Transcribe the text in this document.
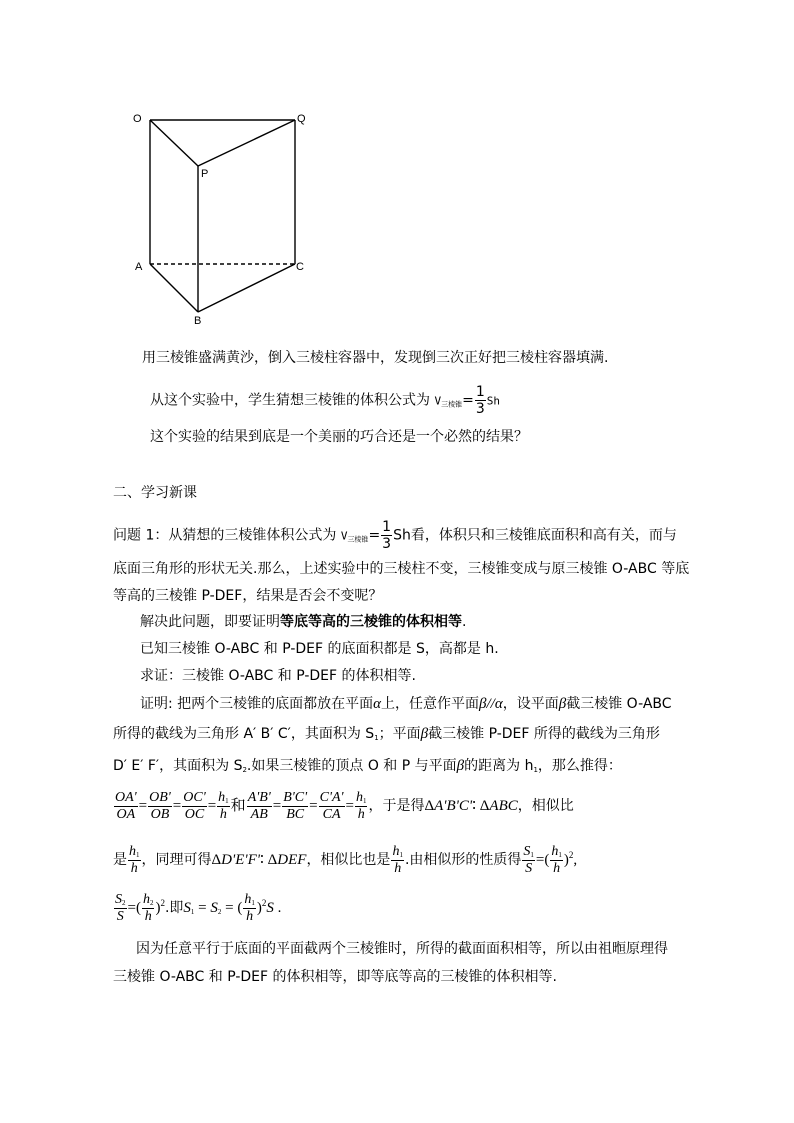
O	Q
P
A	C
B
用三棱锥盛满黄沙，倒入三棱柱容器中，发现倒三次正好把三棱柱容器填满.
从这个实验中，学生猜想三棱锥的体积公式为 $V_{三棱锥}= \frac{1}{3}$ Sh
这个实验的结果到底是一个美丽的巧合还是一个必然的结果？
二、学习新课
问题 1：从猜想的三棱锥体积公式为 $V_{三棱锥}= \frac{1}{3}$ Sh看，体积只和三棱锥底面积和高有关，而与
底面三角形的形状无关.那么，上述实验中的三棱柱不变，三棱锥变成与原三棱锥 O-ABC 等底
等高的三棱锥 P-DEF，结果是否会不变呢？
解决此问题，即要证明等底等高的三棱锥的体积相等.
已知三棱锥 O-ABC 和 P-DEF 的底面积都是 S，高都是 h.
求证：三棱锥 O-ABC 和 P-DEF 的体积相等.
证明: 把两个三棱锥的底面都放在平面α上，任意作平面β//α，设平面β截三棱锥 O-ABC
所得的截线为三角形 A′ B′ C′，其面积为 $S_1$；平面β截三棱锥 P-DEF 所得的截线为三角形
D′ E′ F′，其面积为 $S_2$.如果三棱锥的顶点 O 和 P 与平面β的距离为 $h_1$，那么推得：
$\frac{OA'}{OA} = \frac{OB'}{OB} = \frac{OC'}{OC} = \frac{h_1}{h}$ 和 $\frac{A'B'}{AB} = \frac{B'C'}{BC} = \frac{C'A'}{CA} = \frac{h_1}{h}$ ，于是得ΔA'B'C'∶ ΔABC，相似比
是 $\frac{h_1}{h}$ ，同理可得ΔD'E'F'∶ ΔDEF，相似比也是 $\frac{h_1}{h}$ .由相似形的性质得 $\frac{S_1}{S}$ =( $\frac{h_1}{h} )^2$,
$\frac{S_2}{S}$ =( $\frac{h_2}{h} )^2$.即$S_1 = S_2$ = ( $\frac{h_1}{h} )^2S$ .
因为任意平行于底面的平面截两个三棱锥时，所得的截面面积相等，所以由祖暅原理得
三棱锥 O-ABC 和 P-DEF 的体积相等，即等底等高的三棱锥的体积相等.
